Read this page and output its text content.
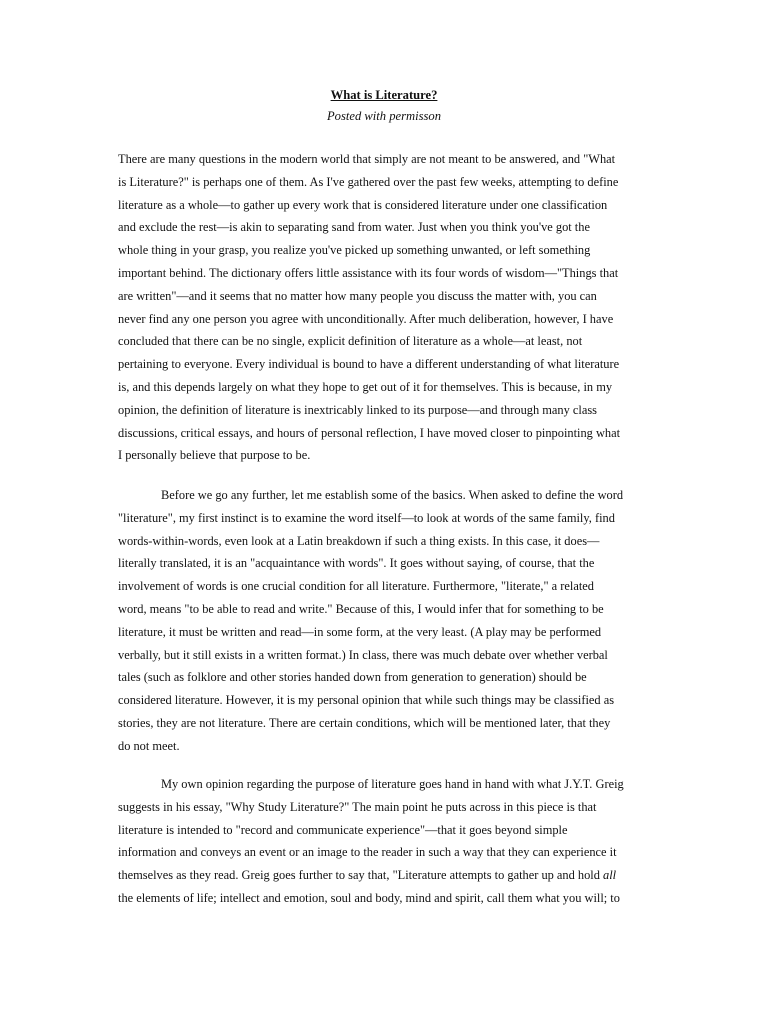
What is Literature?
Posted with permisson
There are many questions in the modern world that simply are not meant to be answered, and "What
is Literature?" is perhaps one of them. As I've gathered over the past few weeks, attempting to define
literature as a whole—to gather up every work that is considered literature under one classification
and exclude the rest—is akin to separating sand from water. Just when you think you've got the
whole thing in your grasp, you realize you've picked up something unwanted, or left something
important behind. The dictionary offers little assistance with its four words of wisdom—"Things that
are written"—and it seems that no matter how many people you discuss the matter with, you can
never find any one person you agree with unconditionally. After much deliberation, however, I have
concluded that there can be no single, explicit definition of literature as a whole—at least, not
pertaining to everyone. Every individual is bound to have a different understanding of what literature
is, and this depends largely on what they hope to get out of it for themselves. This is because, in my
opinion, the definition of literature is inextricably linked to its purpose—and through many class
discussions, critical essays, and hours of personal reflection, I have moved closer to pinpointing what
I personally believe that purpose to be.
Before we go any further, let me establish some of the basics. When asked to define the word
"literature", my first instinct is to examine the word itself—to look at words of the same family, find
words-within-words, even look at a Latin breakdown if such a thing exists. In this case, it does—
literally translated, it is an "acquaintance with words". It goes without saying, of course, that the
involvement of words is one crucial condition for all literature. Furthermore, "literate," a related
word, means "to be able to read and write." Because of this, I would infer that for something to be
literature, it must be written and read—in some form, at the very least. (A play may be performed
verbally, but it still exists in a written format.) In class, there was much debate over whether verbal
tales (such as folklore and other stories handed down from generation to generation) should be
considered literature. However, it is my personal opinion that while such things may be classified as
stories, they are not literature. There are certain conditions, which will be mentioned later, that they
do not meet.
My own opinion regarding the purpose of literature goes hand in hand with what J.Y.T. Greig
suggests in his essay, "Why Study Literature?" The main point he puts across in this piece is that
literature is intended to "record and communicate experience"—that it goes beyond simple
information and conveys an event or an image to the reader in such a way that they can experience it
themselves as they read. Greig goes further to say that, "Literature attempts to gather up and hold all
the elements of life; intellect and emotion, soul and body, mind and spirit, call them what you will; to
